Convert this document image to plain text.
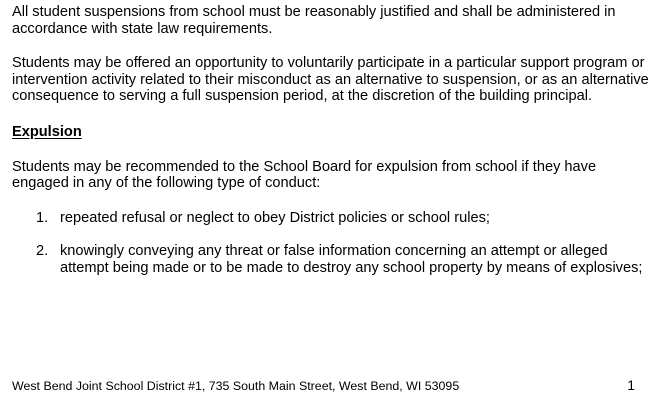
All student suspensions from school must be reasonably justified and shall be administered in accordance with state law requirements.

Students may be offered an opportunity to voluntarily participate in a particular support program or intervention activity related to their misconduct as an alternative to suspension, or as an alternative consequence to serving a full suspension period, at the discretion of the building principal.

Expulsion

Students may be recommended to the School Board for expulsion from school if they have engaged in any of the following type of conduct:

1. repeated refusal or neglect to obey District policies or school rules;
2. knowingly conveying any threat or false information concerning an attempt or alleged attempt being made or to be made to destroy any school property by means of explosives;
West Bend Joint School District #1, 735 South Main Street, West Bend, WI 53095	1
